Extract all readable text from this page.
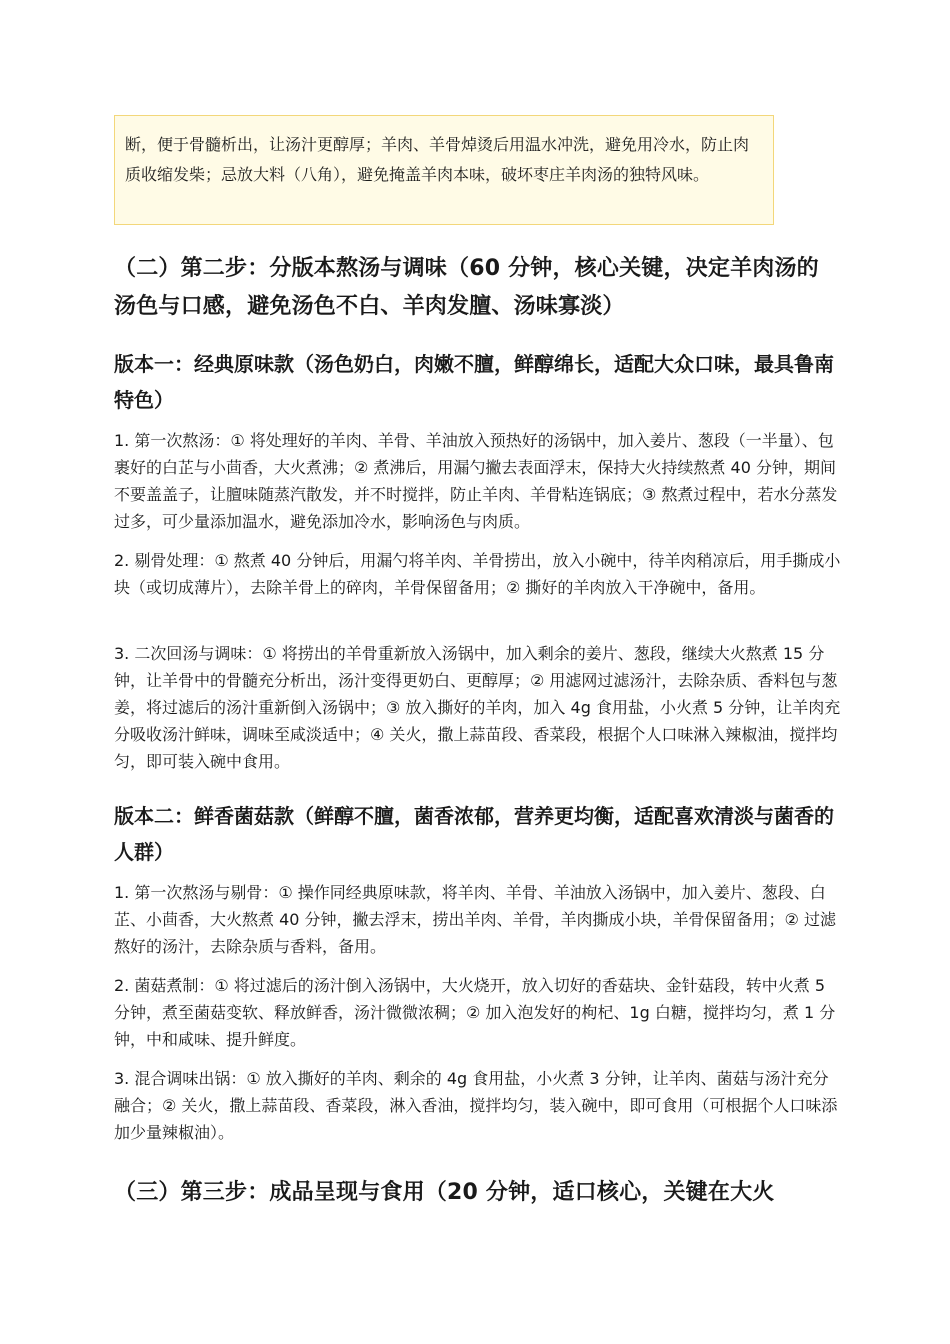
断，便于骨髓析出，让汤汁更醇厚；羊肉、羊骨焯烫后用温水冲洗，避免用冷水，防止肉质收缩发柴；忌放大料（八角），避免掩盖羊肉本味，破坏枣庄羊肉汤的独特风味。

（二）第二步：分版本熬汤与调味（60 分钟，核心关键，决定羊肉汤的汤色与口感，避免汤色不白、羊肉发膻、汤味寡淡）
版本一：经典原味款（汤色奶白，肉嫩不膻，鲜醇绵长，适配大众口味，最具鲁南特色）

1. 第一次熬汤：① 将处理好的羊肉、羊骨、羊油放入预热好的汤锅中，加入姜片、葱段（一半量）、包裹好的白芷与小茴香，大火煮沸；② 煮沸后，用漏勺撇去表面浮末，保持大火持续熬煮 40 分钟，期间不要盖盖子，让膻味随蒸汽散发，并不时搅拌，防止羊肉、羊骨粘连锅底；③ 熬煮过程中，若水分蒸发过多，可少量添加温水，避免添加冷水，影响汤色与肉质。

2. 剔骨处理：① 熬煮 40 分钟后，用漏勺将羊肉、羊骨捞出，放入小碗中，待羊肉稍凉后，用手撕成小块（或切成薄片），去除羊骨上的碎肉，羊骨保留备用；② 撕好的羊肉放入干净碗中，备用。

3. 二次回汤与调味：① 将捞出的羊骨重新放入汤锅中，加入剩余的姜片、葱段，继续大火熬煮 15 分钟，让羊骨中的骨髓充分析出，汤汁变得更奶白、更醇厚；② 用滤网过滤汤汁，去除杂质、香料包与葱姜，将过滤后的汤汁重新倒入汤锅中；③ 放入撕好的羊肉，加入 4g 食用盐，小火煮 5 分钟，让羊肉充分吸收汤汁鲜味，调味至咸淡适中；④ 关火，撒上蒜苗段、香菜段，根据个人口味淋入辣椒油，搅拌均匀，即可装入碗中食用。

版本二：鲜香菌菇款（鲜醇不膻，菌香浓郁，营养更均衡，适配喜欢清淡与菌香的人群）

1. 第一次熬汤与剔骨：① 操作同经典原味款，将羊肉、羊骨、羊油放入汤锅中，加入姜片、葱段、白芷、小茴香，大火熬煮 40 分钟，撇去浮末，捞出羊肉、羊骨，羊肉撕成小块，羊骨保留备用；② 过滤熬好的汤汁，去除杂质与香料，备用。

2. 菌菇煮制：① 将过滤后的汤汁倒入汤锅中，大火烧开，放入切好的香菇块、金针菇段，转中火煮 5 分钟，煮至菌菇变软、释放鲜香，汤汁微微浓稠；② 加入泡发好的枸杞、1g 白糖，搅拌均匀，煮 1 分钟，中和咸味、提升鲜度。

3. 混合调味出锅：① 放入撕好的羊肉、剩余的 4g 食用盐，小火煮 3 分钟，让羊肉、菌菇与汤汁充分融合；② 关火，撒上蒜苗段、香菜段，淋入香油，搅拌均匀，装入碗中，即可食用（可根据个人口味添加少量辣椒油）。

（三）第三步：成品呈现与食用（20 分钟，适口核心，关键在大火
